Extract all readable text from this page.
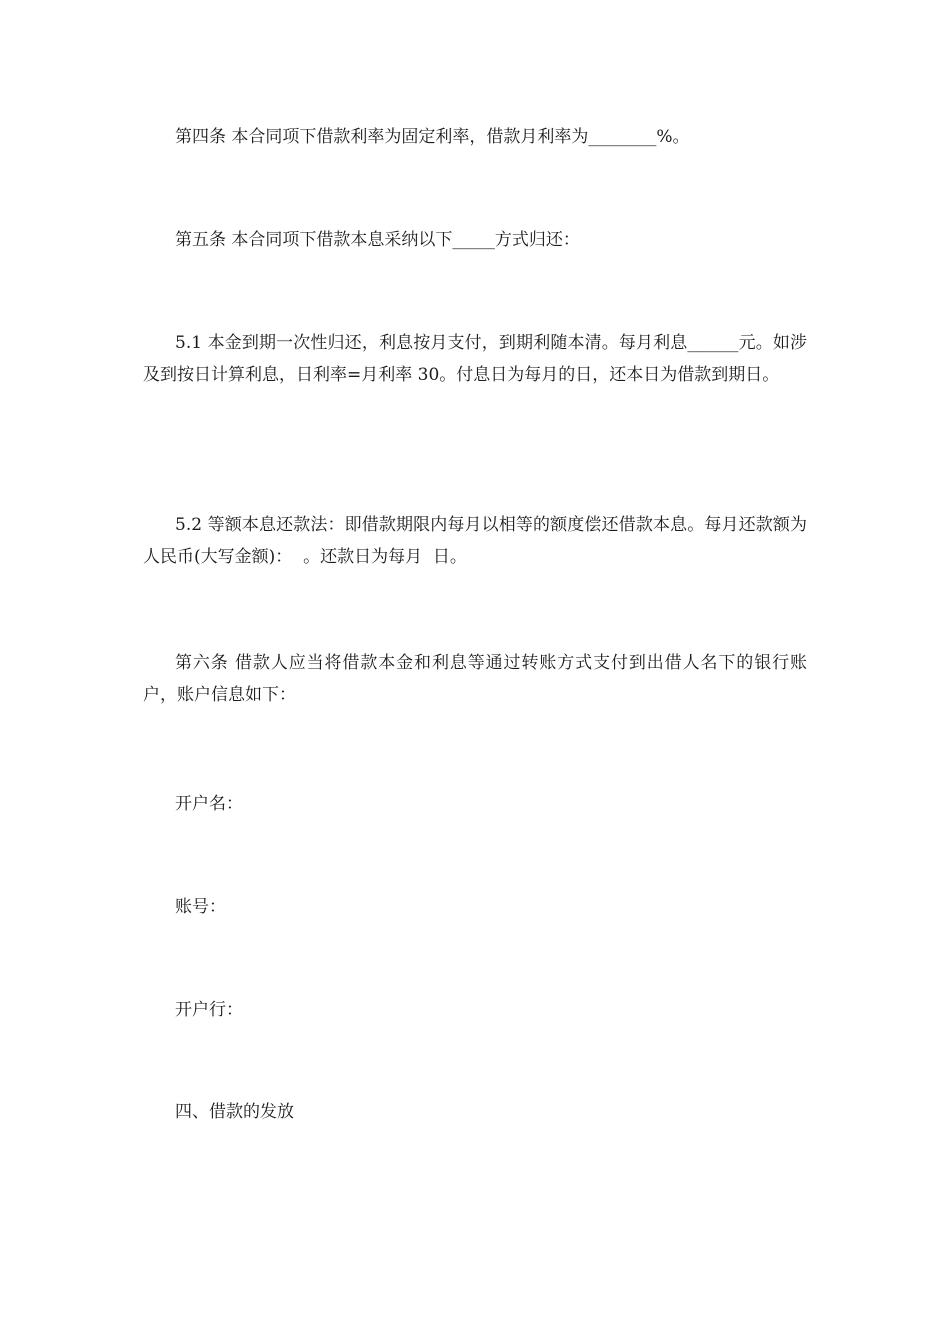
第四条 本合同项下借款利率为固定利率，借款月利率为________%。

第五条 本合同项下借款本息采纳以下_____方式归还：

5.1 本金到期一次性归还，利息按月支付，到期利随本清。每月利息______元。如涉及到按日计算利息，日利率=月利率 30。付息日为每月的日，还本日为借款到期日。

5.2 等额本息还款法：即借款期限内每月以相等的额度偿还借款本息。每月还款额为人民币(大写金额)：  。还款日为每月  日。

第六条 借款人应当将借款本金和利息等通过转账方式支付到出借人名下的银行账户，账户信息如下：

开户名：

账号：

开户行：

四、借款的发放
